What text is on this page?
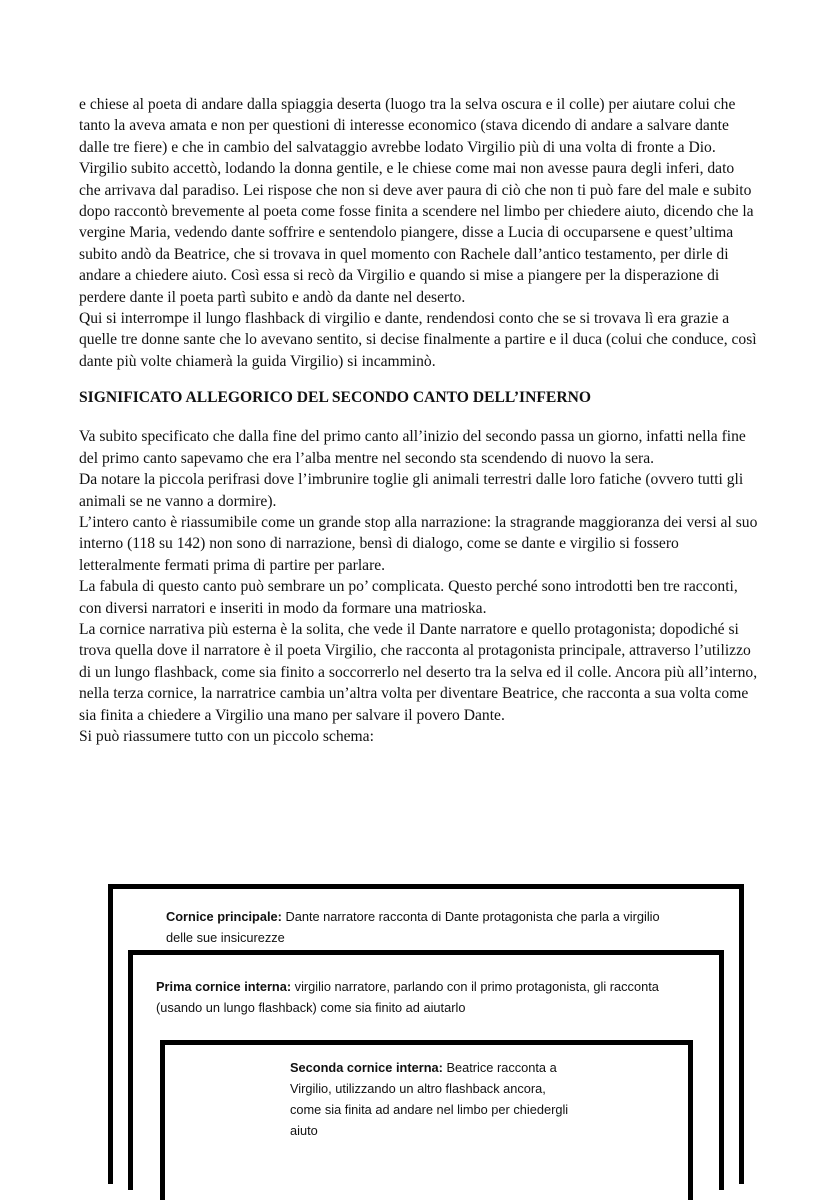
e chiese al poeta di andare dalla spiaggia deserta (luogo tra la selva oscura e il colle) per aiutare colui che tanto la aveva amata e non per questioni di interesse economico (stava dicendo di andare a salvare dante dalle tre fiere) e che in cambio del salvataggio avrebbe lodato Virgilio più di una volta di fronte a Dio.

Virgilio subito accettò, lodando la donna gentile, e le chiese come mai non avesse paura degli inferi, dato che arrivava dal paradiso. Lei rispose che non si deve aver paura di ciò che non ti può fare del male e subito dopo raccontò brevemente al poeta come fosse finita a scendere nel limbo per chiedere aiuto, dicendo che la vergine Maria, vedendo dante soffrire e sentendolo piangere, disse a Lucia di occuparsene e quest’ultima subito andò da Beatrice, che si trovava in quel momento con Rachele dall’antico testamento, per dirle di andare a chiedere aiuto. Così essa si recò da Virgilio e quando si mise a piangere per la disperazione di perdere dante il poeta partì subito e andò da dante nel deserto.

Qui si interrompe il lungo flashback di virgilio e dante, rendendosi conto che se si trovava lì era grazie a quelle tre donne sante che lo avevano sentito, si decise finalmente a partire e il duca (colui che conduce, così dante più volte chiamerà la guida Virgilio) si incamminò.

SIGNIFICATO ALLEGORICO DEL SECONDO CANTO DELL’INFERNO

Va subito specificato che dalla fine del primo canto all’inizio del secondo passa un giorno, infatti nella fine del primo canto sapevamo che era l’alba mentre nel secondo sta scendendo di nuovo la sera.

Da notare la piccola perifrasi dove l’imbrunire toglie gli animali terrestri dalle loro fatiche (ovvero tutti gli animali se ne vanno a dormire).

L’intero canto è riassumibile come un grande stop alla narrazione: la stragrande maggioranza dei versi al suo interno (118 su 142) non sono di narrazione, bensì di dialogo, come se dante e virgilio si fossero letteralmente fermati prima di partire per parlare.

La fabula di questo canto può sembrare un po’ complicata. Questo perché sono introdotti ben tre racconti, con diversi narratori e inseriti in modo da formare una matrioska.

La cornice narrativa più esterna è la solita, che vede il Dante narratore e quello protagonista; dopodiché si trova quella dove il narratore è il poeta Virgilio, che racconta al protagonista principale, attraverso l’utilizzo di un lungo flashback, come sia finito a soccorrerlo nel deserto tra la selva ed il colle. Ancora più all’interno, nella terza cornice, la narratrice cambia un’altra volta per diventare Beatrice, che racconta a sua volta come sia finita a chiedere a Virgilio una mano per salvare il povero Dante.

Si può riassumere tutto con un piccolo schema:

Cornice principale: Dante narratore racconta di Dante protagonista che parla a virgilio delle sue insicurezze
Prima cornice interna: virgilio narratore, parlando con il primo protagonista, gli racconta (usando un lungo flashback) come sia finito ad aiutarlo
Seconda cornice interna: Beatrice racconta a Virgilio, utilizzando un altro flashback ancora, come sia finita ad andare nel limbo per chiedergli aiuto
